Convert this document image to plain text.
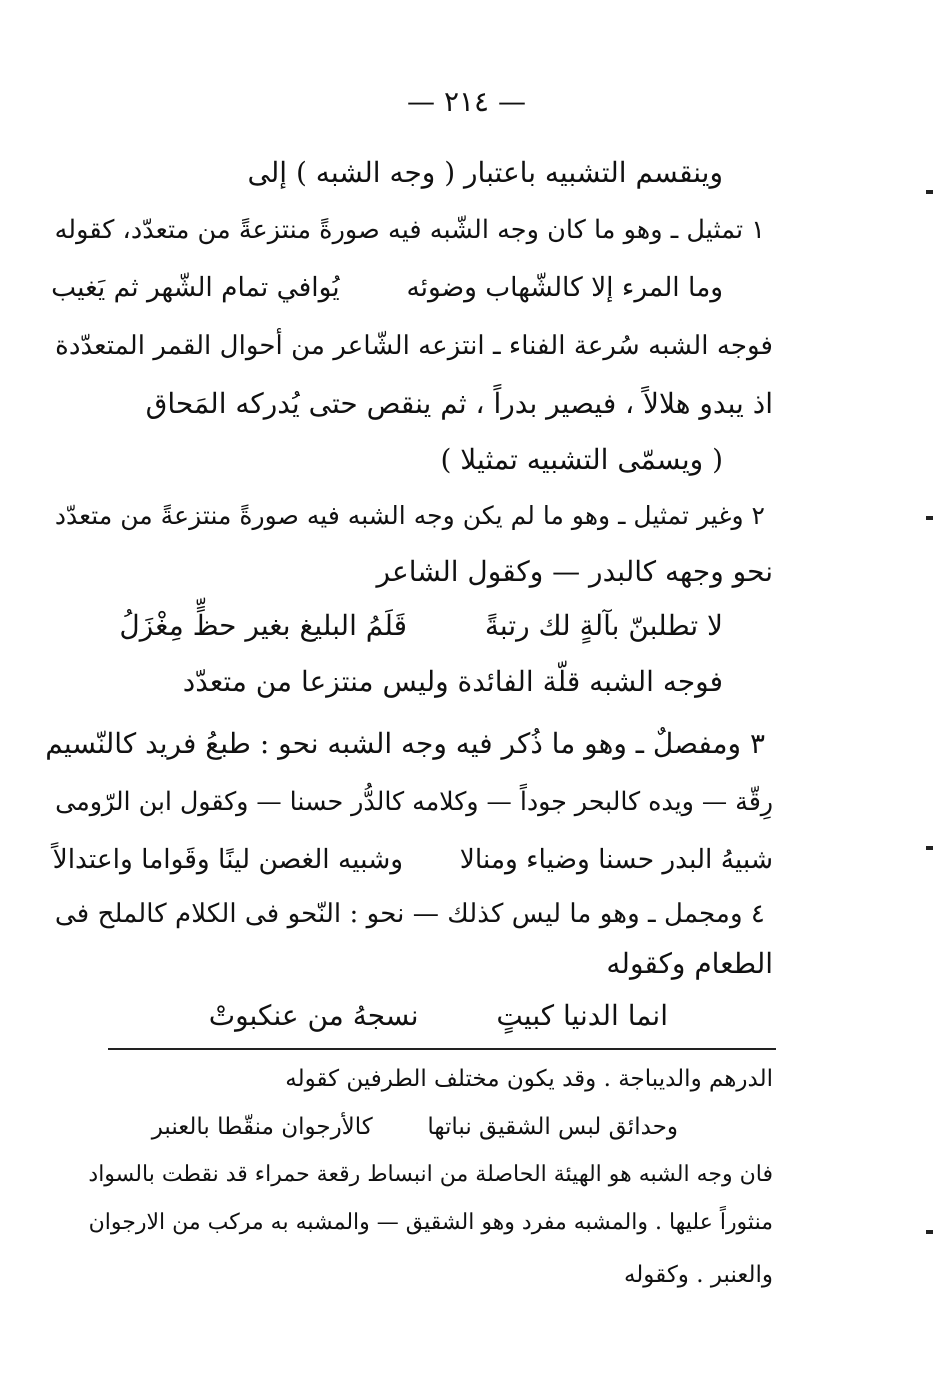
— ٢١٤ —
وينقسم التشبيه باعتبار ( وجه الشبه ) إلى
١ تمثيل ـ وهو ما كان وجه الشّبه فيه صورةً منتزعةً من متعدّد، كقوله
وما المرء إلا كالشّهاب وضوئه  يُوافي تمام الشّهر ثم يَغيب
فوجه الشبه سُرعة الفناء ـ انتزعه الشّاعر من أحوال القمر المتعدّدة
اذ يبدو هلالاً ، فيصير بدراً ، ثم ينقص حتى يُدركه المَحاق
( ويسمّى التشبيه تمثيلا )
٢ وغير تمثيل ـ وهو ما لم يكن وجه الشبه فيه صورةً منتزعةً من متعدّد
نحو وجهه كالبدر — وكقول الشاعر
لا تطلبنّ بآلةٍ لك رتبةً  قَلَمُ البليغ بغير حظٍّ مِغْزَلُ
فوجه الشبه قلّة الفائدة وليس منتزعا من متعدّد
٣ ومفصلٌ ـ وهو ما ذُكر فيه وجه الشبه نحو : طبعُ فريد كالنّسيم
رِقّة — ويده كالبحر جوداً — وكلامه كالدُّر حسنا — وكقول ابن الرّومى
شبيهُ البدر حسنا وضياء ومنالا  وشبيه الغصن لينًا وقَواما واعتدالاً
٤ ومجمل ـ وهو ما ليس كذلك — نحو : النّحو فى الكلام كالملح فى
الطعام وكقوله
انما الدنيا كبيتٍ  نسجهُ من عنكبوتْ
الدرهم والديباجة . وقد يكون مختلف الطرفين كقوله
وحدائق لبس الشقيق نباتها  كالأرجوان منقّطا بالعنبر
فان وجه الشبه هو الهيئة الحاصلة من انبساط رقعة حمراء قد نقطت بالسواد
منثوراً عليها . والمشبه مفرد وهو الشقيق — والمشبه به مركب من الارجوان
والعنبر . وكقوله
